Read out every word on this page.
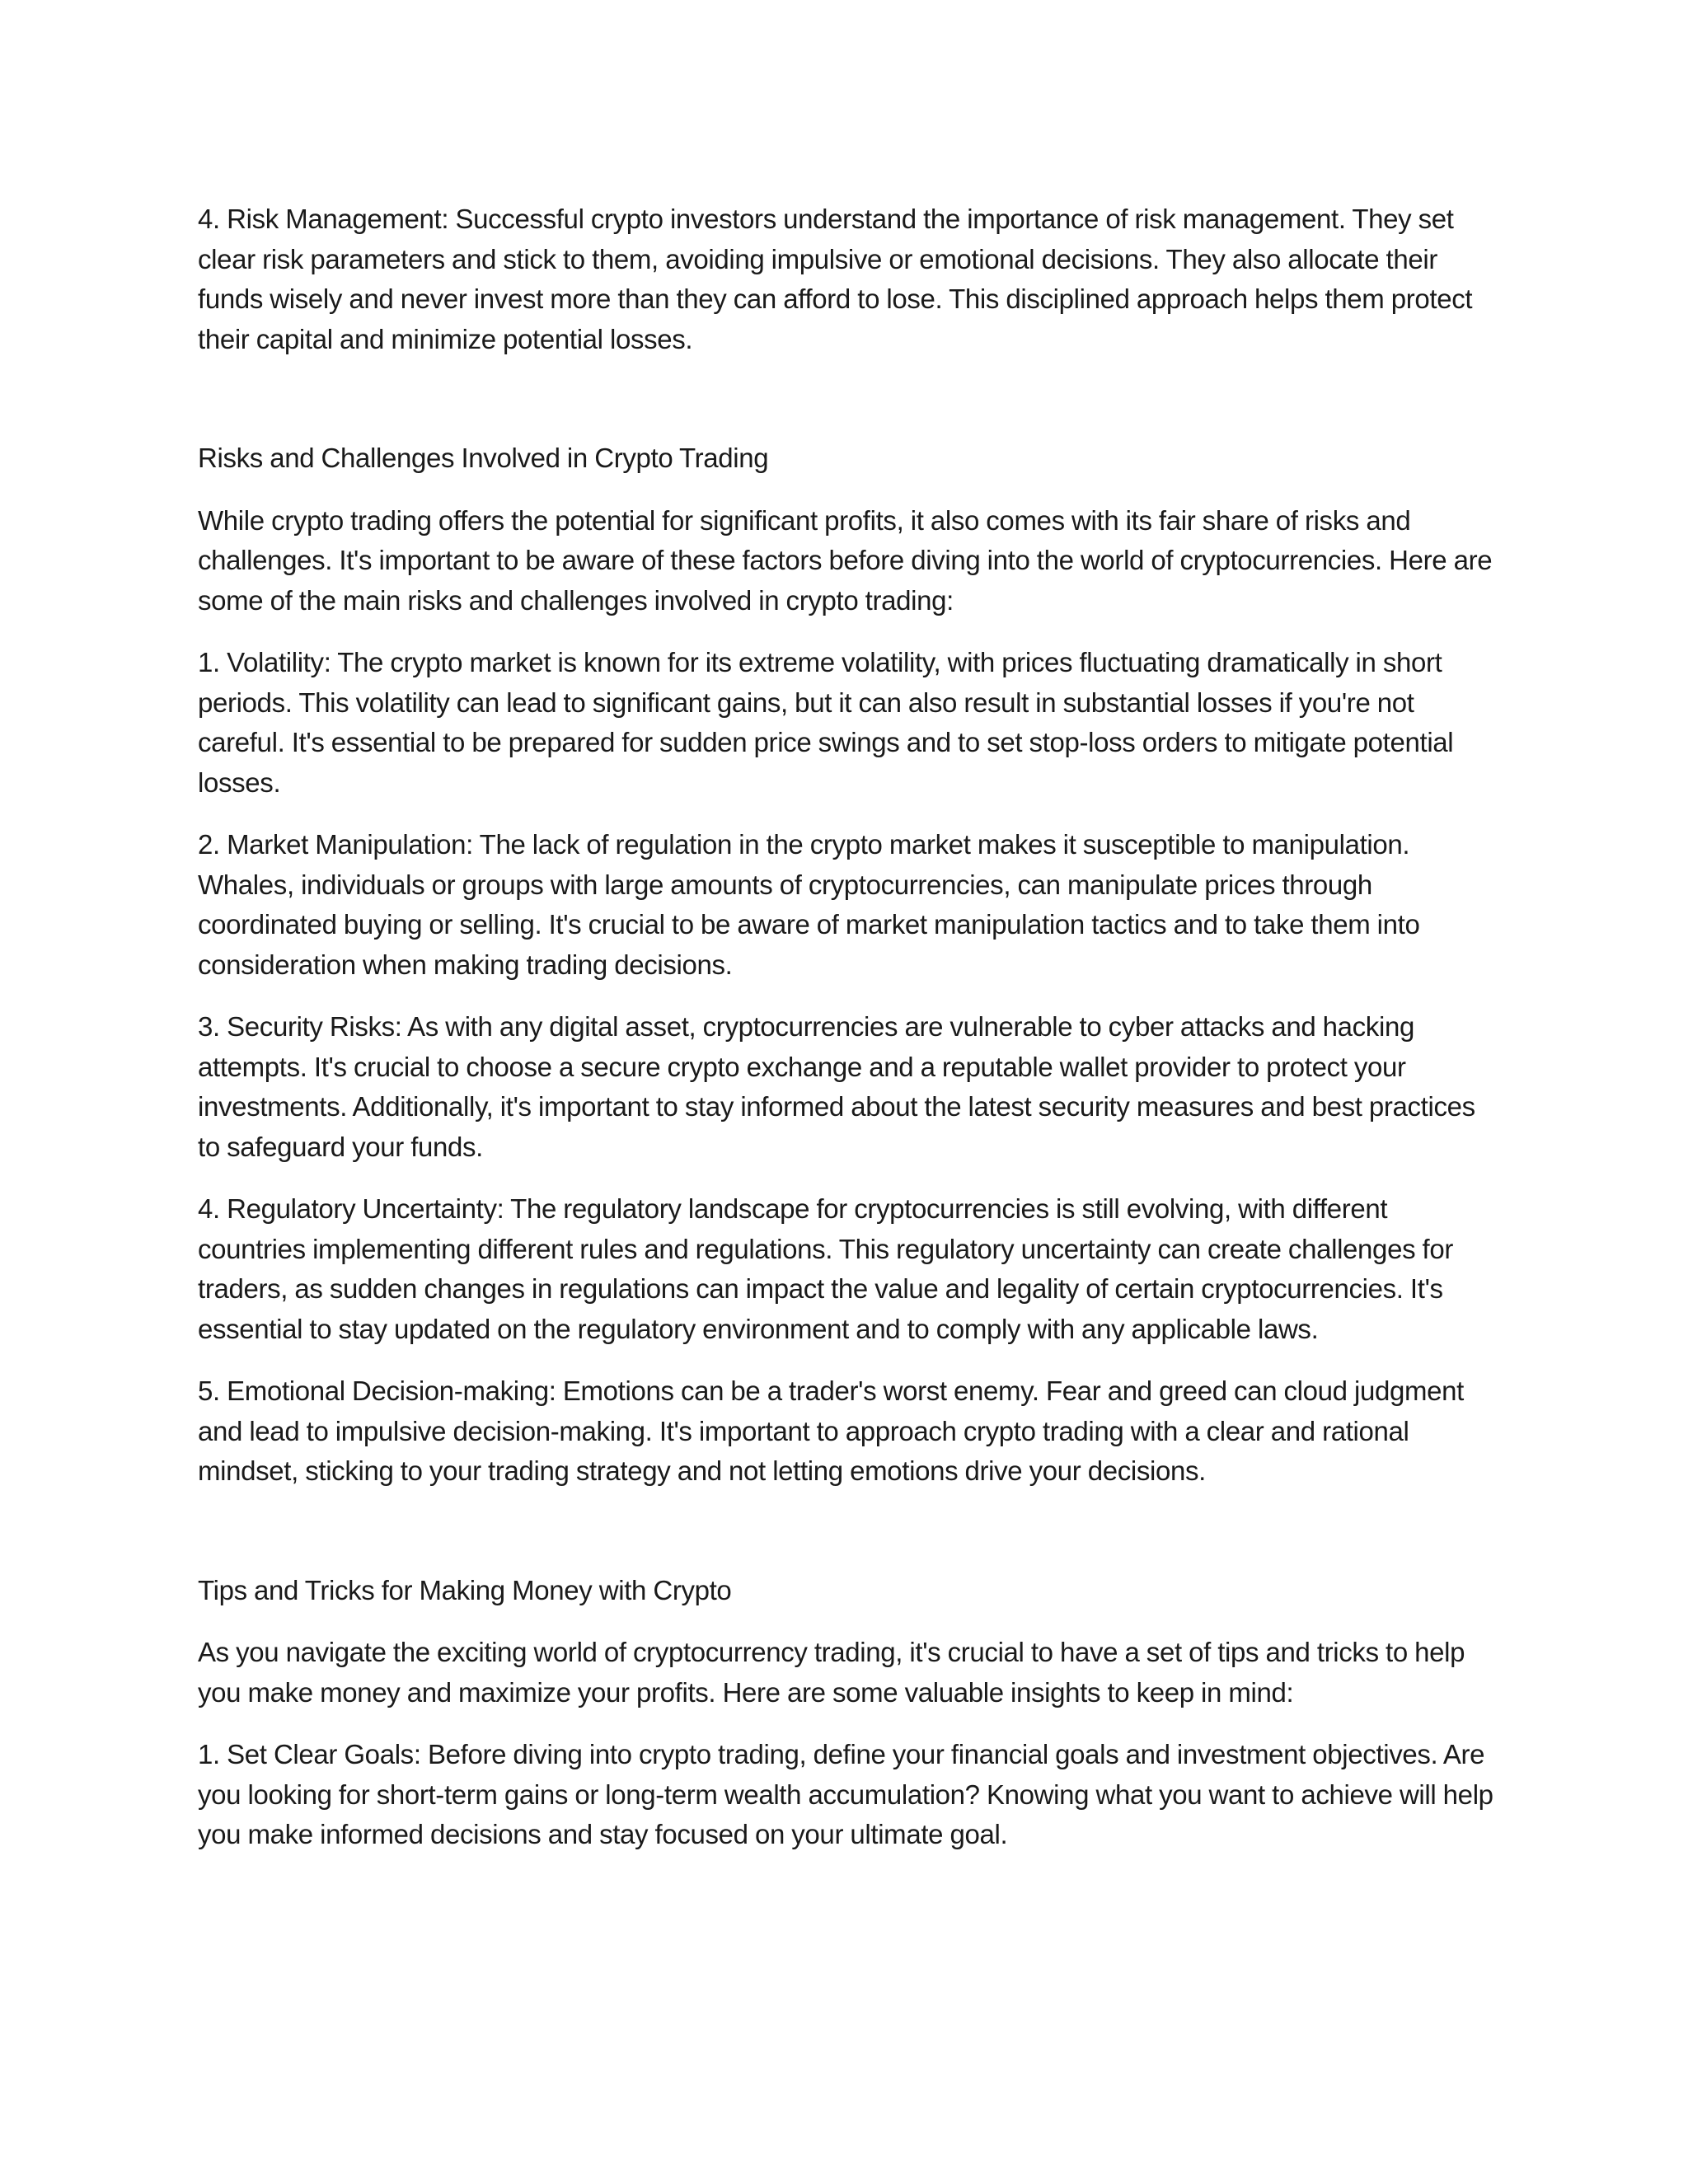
4. Risk Management: Successful crypto investors understand the importance of risk management. They set clear risk parameters and stick to them, avoiding impulsive or emotional decisions. They also allocate their funds wisely and never invest more than they can afford to lose. This disciplined approach helps them protect their capital and minimize potential losses.

Risks and Challenges Involved in Crypto Trading

While crypto trading offers the potential for significant profits, it also comes with its fair share of risks and challenges. It's important to be aware of these factors before diving into the world of cryptocurrencies. Here are some of the main risks and challenges involved in crypto trading:

1. Volatility: The crypto market is known for its extreme volatility, with prices fluctuating dramatically in short periods. This volatility can lead to significant gains, but it can also result in substantial losses if you're not careful. It's essential to be prepared for sudden price swings and to set stop-loss orders to mitigate potential losses.

2. Market Manipulation: The lack of regulation in the crypto market makes it susceptible to manipulation. Whales, individuals or groups with large amounts of cryptocurrencies, can manipulate prices through coordinated buying or selling. It's crucial to be aware of market manipulation tactics and to take them into consideration when making trading decisions.

3. Security Risks: As with any digital asset, cryptocurrencies are vulnerable to cyber attacks and hacking attempts. It's crucial to choose a secure crypto exchange and a reputable wallet provider to protect your investments. Additionally, it's important to stay informed about the latest security measures and best practices to safeguard your funds.

4. Regulatory Uncertainty: The regulatory landscape for cryptocurrencies is still evolving, with different countries implementing different rules and regulations. This regulatory uncertainty can create challenges for traders, as sudden changes in regulations can impact the value and legality of certain cryptocurrencies. It's essential to stay updated on the regulatory environment and to comply with any applicable laws.

5. Emotional Decision-making: Emotions can be a trader's worst enemy. Fear and greed can cloud judgment and lead to impulsive decision-making. It's important to approach crypto trading with a clear and rational mindset, sticking to your trading strategy and not letting emotions drive your decisions.

Tips and Tricks for Making Money with Crypto

As you navigate the exciting world of cryptocurrency trading, it's crucial to have a set of tips and tricks to help you make money and maximize your profits. Here are some valuable insights to keep in mind:

1. Set Clear Goals: Before diving into crypto trading, define your financial goals and investment objectives. Are you looking for short-term gains or long-term wealth accumulation? Knowing what you want to achieve will help you make informed decisions and stay focused on your ultimate goal.
